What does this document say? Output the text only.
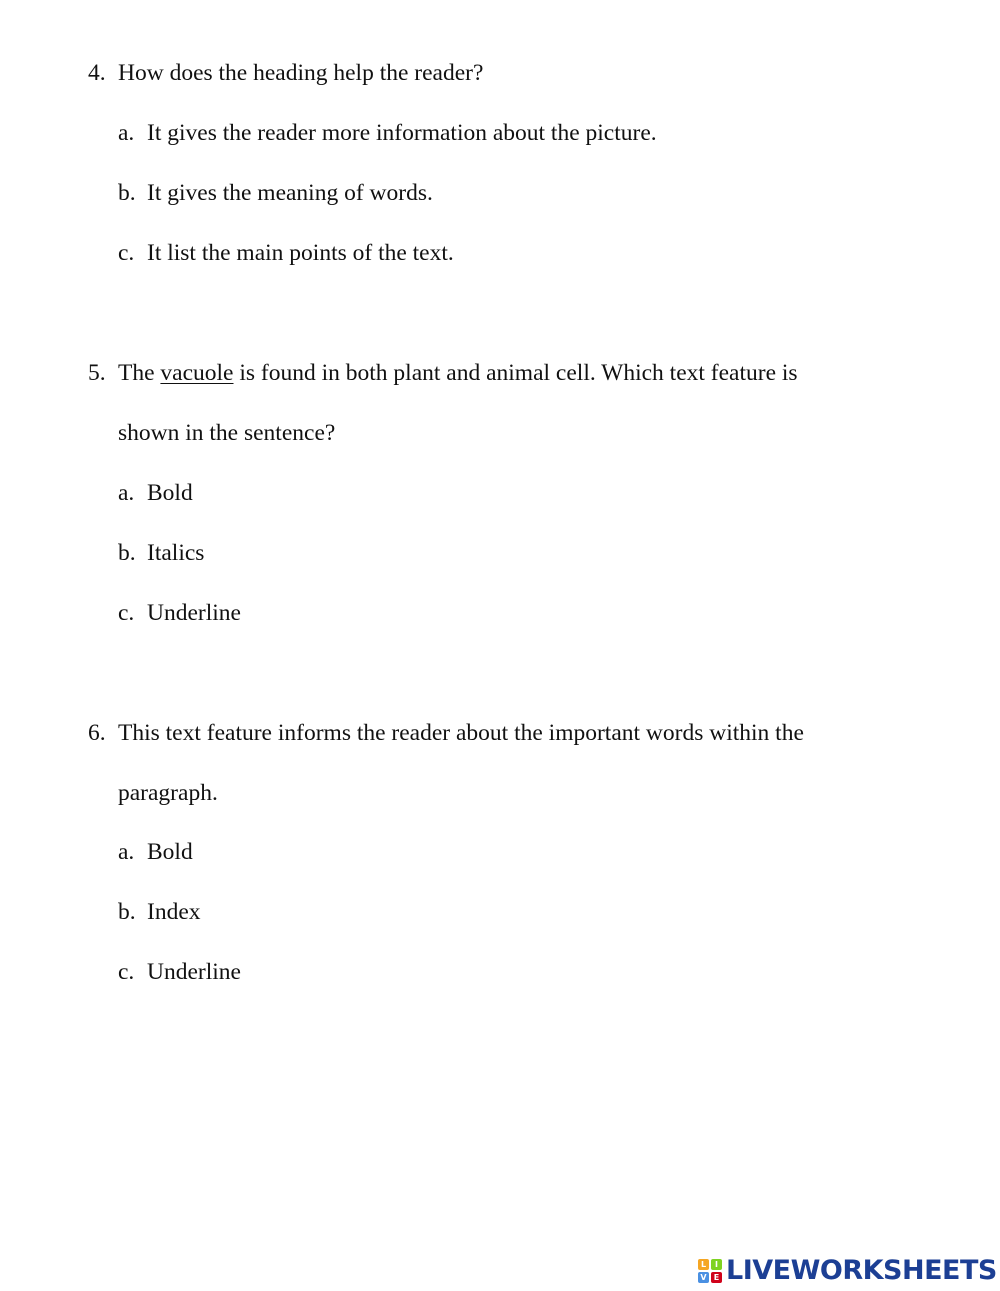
4. How does the heading help the reader?
a. It gives the reader more information about the picture.
b. It gives the meaning of words.
c. It list the main points of the text.
5. The vacuole is found in both plant and animal cell. Which text feature is
shown in the sentence?
a. Bold
b. Italics
c. Underline
6. This text feature informs the reader about the important words within the
paragraph.
a. Bold
b. Index
c. Underline
L	I
V E LIVEWORKSHEETS
